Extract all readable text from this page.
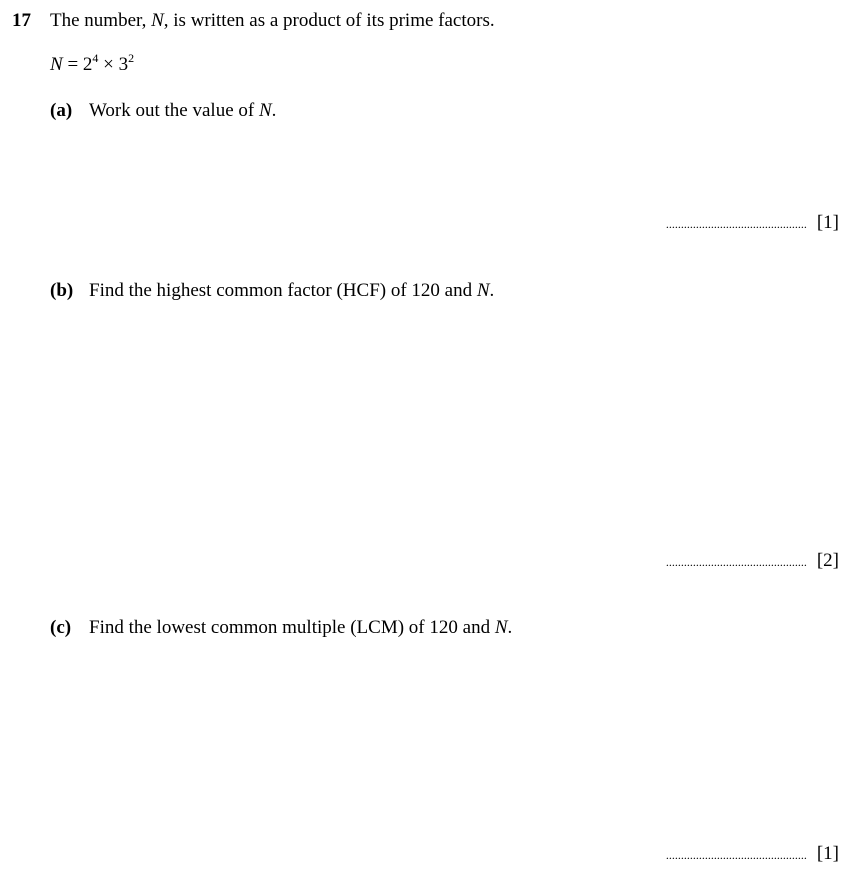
17 The number, N, is written as a product of its prime factors.
$N = 2^4 \times 3^2$
(a) Work out the value of N.
............................................... [1]
(b) Find the highest common factor (HCF) of 120 and N.
............................................... [2]
(c) Find the lowest common multiple (LCM) of 120 and N.
............................................... [1]
